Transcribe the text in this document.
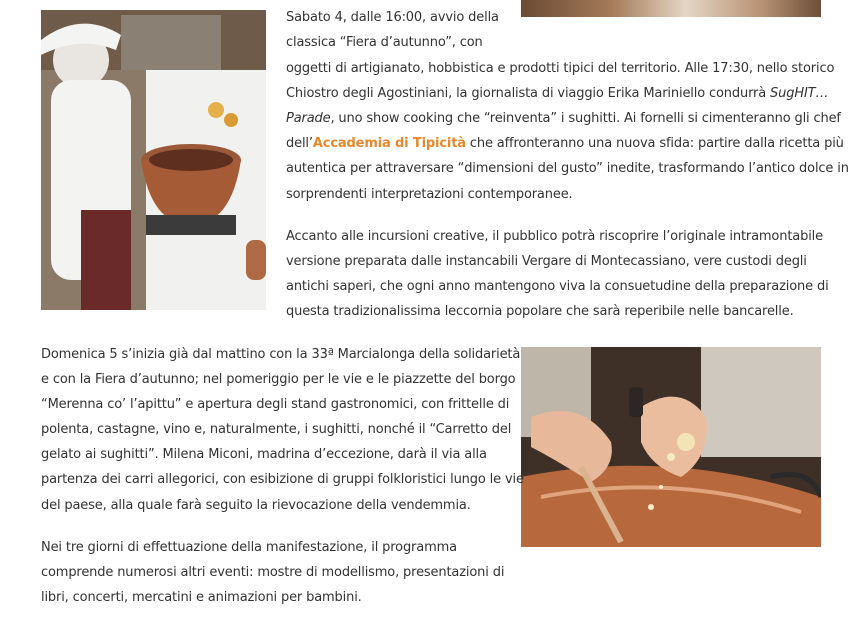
Sabato 4, dalle 16:00, avvio della

classica “Fiera d’autunno”, con

oggetti di artigianato, hobbistica e prodotti tipici del territorio. Alle 17:30, nello storico

Chiostro degli Agostiniani, la giornalista di viaggio Erika Mariniello condurrà SugHIT…

Parade, uno show cooking che “reinventa” i sughitti. Ai fornelli si cimenteranno gli chef

dell’Accademia di Tipicità che affronteranno una nuova sfida: partire dalla ricetta più

autentica per attraversare “dimensioni del gusto” inedite, trasformando l’antico dolce in

sorprendenti interpretazioni contemporanee.

Accanto alle incursioni creative, il pubblico potrà riscoprire l’originale intramontabile

versione preparata dalle instancabili Vergare di Montecassiano, vere custodi degli

antichi saperi, che ogni anno mantengono viva la consuetudine della preparazione di

questa tradizionalissima leccornia popolare che sarà reperibile nelle bancarelle.

Domenica 5 s’inizia già dal mattino con la 33ª Marcialonga della solidarietà

e con la Fiera d’autunno; nel pomeriggio per le vie e le piazzette del borgo

“Merenna co’ l’apittu” e apertura degli stand gastronomici, con frittelle di

polenta, castagne, vino e, naturalmente, i sughitti, nonché il “Carretto del

gelato ai sughitti”. Milena Miconi, madrina d’eccezione, darà il via alla

partenza dei carri allegorici, con esibizione di gruppi folkloristici lungo le vie

del paese, alla quale farà seguito la rievocazione della vendemmia.

Nei tre giorni di effettuazione della manifestazione, il programma

comprende numerosi altri eventi: mostre di modellismo, presentazioni di

libri, concerti, mercatini e animazioni per bambini.
